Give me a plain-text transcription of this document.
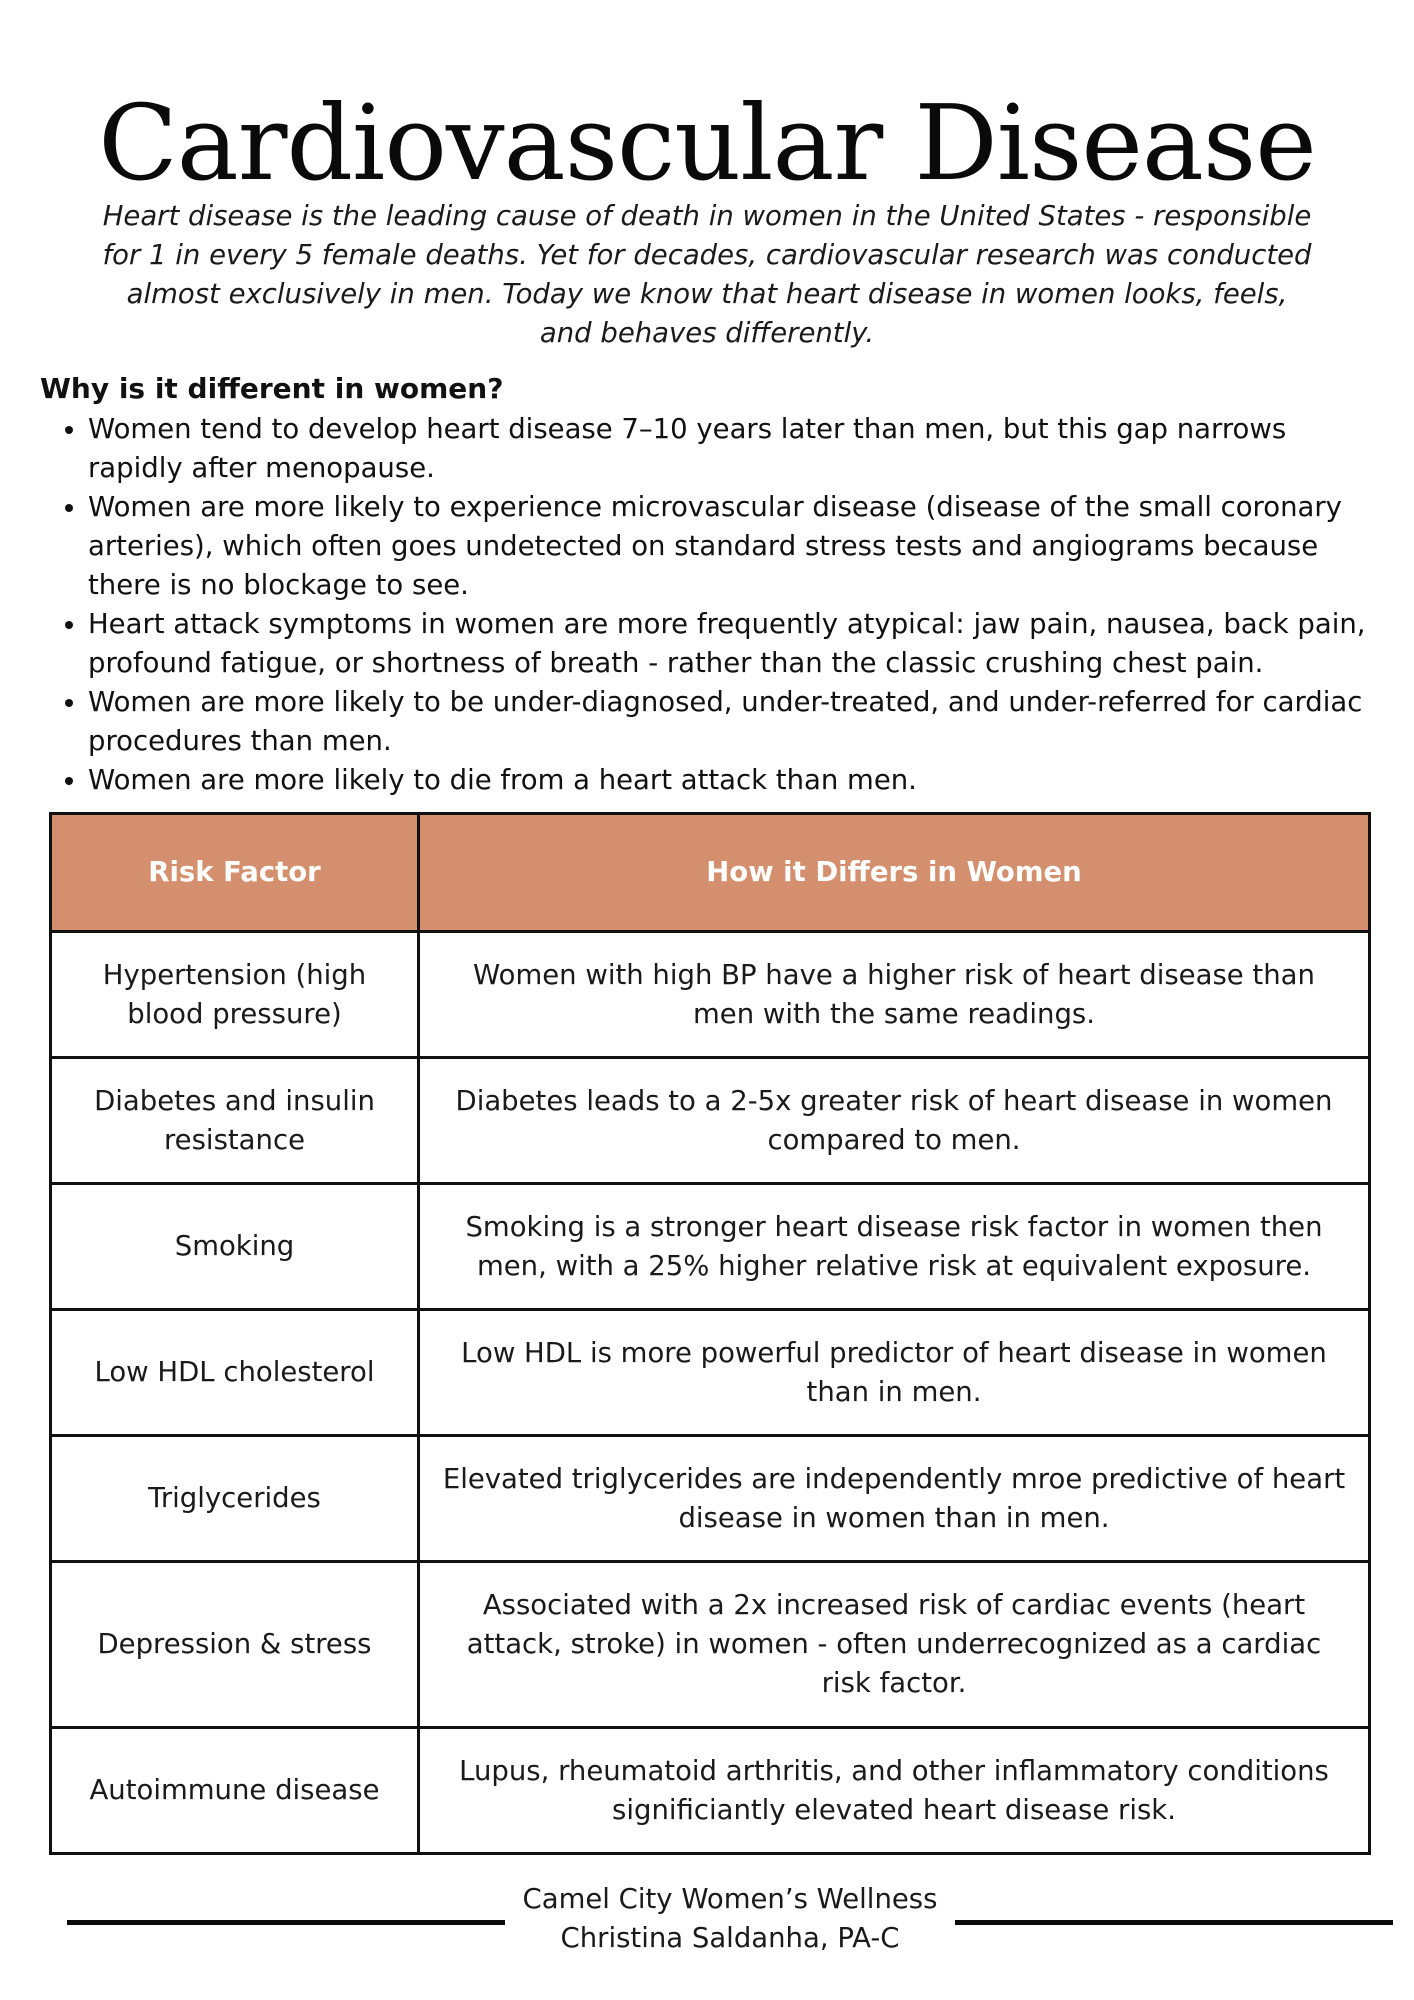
Cardiovascular Disease
Heart disease is the leading cause of death in women in the United States - responsible for 1 in every 5 female deaths. Yet for decades, cardiovascular research was conducted almost exclusively in men. Today we know that heart disease in women looks, feels, and behaves differently.
Why is it different in women?
• Women tend to develop heart disease 7–10 years later than men, but this gap narrows rapidly after menopause.
• Women are more likely to experience microvascular disease (disease of the small coronary arteries), which often goes undetected on standard stress tests and angiograms because there is no blockage to see.
• Heart attack symptoms in women are more frequently atypical: jaw pain, nausea, back pain, profound fatigue, or shortness of breath - rather than the classic crushing chest pain.
• Women are more likely to be under-diagnosed, under-treated, and under-referred for cardiac procedures than men.
• Women are more likely to die from a heart attack than men.
Risk Factor	How it Differs in Women
Hypertension (high blood pressure)	Women with high BP have a higher risk of heart disease than men with the same readings.
Diabetes and insulin resistance	Diabetes leads to a 2-5x greater risk of heart disease in women compared to men.
Smoking	Smoking is a stronger heart disease risk factor in women then men, with a 25% higher relative risk at equivalent exposure.
Low HDL cholesterol	Low HDL is more powerful predictor of heart disease in women than in men.
Triglycerides	Elevated triglycerides are independently mroe predictive of heart disease in women than in men.
Depression & stress	Associated with a 2x increased risk of cardiac events (heart attack, stroke) in women - often underrecognized as a cardiac risk factor.
Autoimmune disease	Lupus, rheumatoid arthritis, and other inflammatory conditions significiantly elevated heart disease risk.
Camel City Women’s Wellness
Christina Saldanha, PA-C
